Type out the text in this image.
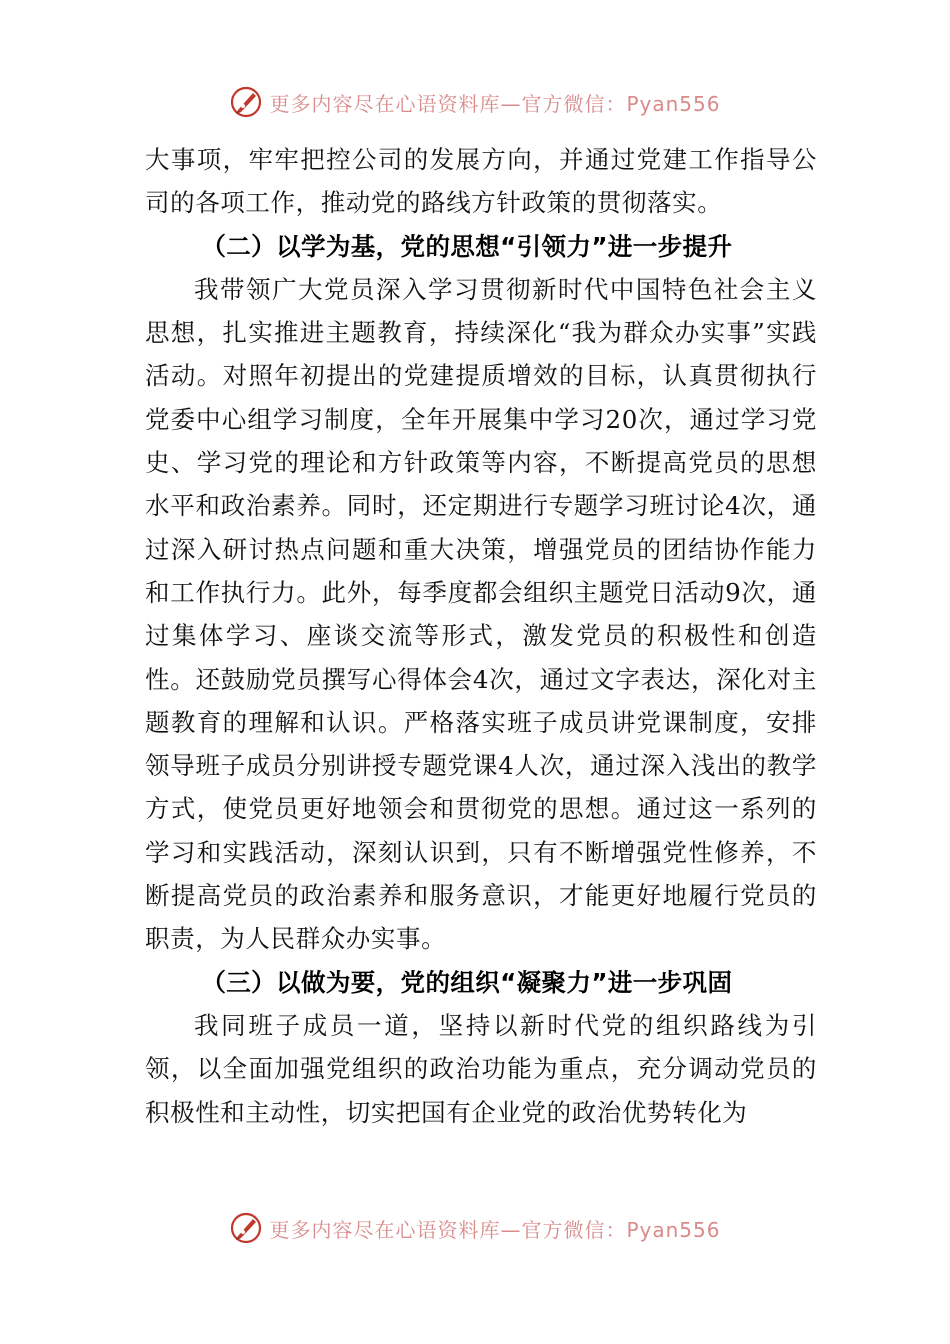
更多内容尽在心语资料库—官方微信：Pyan556

大事项，牢牢把控公司的发展方向，并通过党建工作指导公司的各项工作，推动党的路线方针政策的贯彻落实。

（二）以学为基，党的思想“引领力”进一步提升

我带领广大党员深入学习贯彻新时代中国特色社会主义思想，扎实推进主题教育，持续深化“我为群众办实事”实践活动。对照年初提出的党建提质增效的目标，认真贯彻执行党委中心组学习制度，全年开展集中学习20次，通过学习党史、学习党的理论和方针政策等内容，不断提高党员的思想水平和政治素养。同时，还定期进行专题学习班讨论4次，通过深入研讨热点问题和重大决策，增强党员的团结协作能力和工作执行力。此外，每季度都会组织主题党日活动9次，通过集体学习、座谈交流等形式，激发党员的积极性和创造性。还鼓励党员撰写心得体会4次，通过文字表达，深化对主题教育的理解和认识。严格落实班子成员讲党课制度，安排领导班子成员分别讲授专题党课4人次，通过深入浅出的教学方式，使党员更好地领会和贯彻党的思想。通过这一系列的学习和实践活动，深刻认识到，只有不断增强党性修养，不断提高党员的政治素养和服务意识，才能更好地履行党员的职责，为人民群众办实事。

（三）以做为要，党的组织“凝聚力”进一步巩固

我同班子成员一道，坚持以新时代党的组织路线为引领，以全面加强党组织的政治功能为重点，充分调动党员的积极性和主动性，切实把国有企业党的政治优势转化为

更多内容尽在心语资料库—官方微信：Pyan556
